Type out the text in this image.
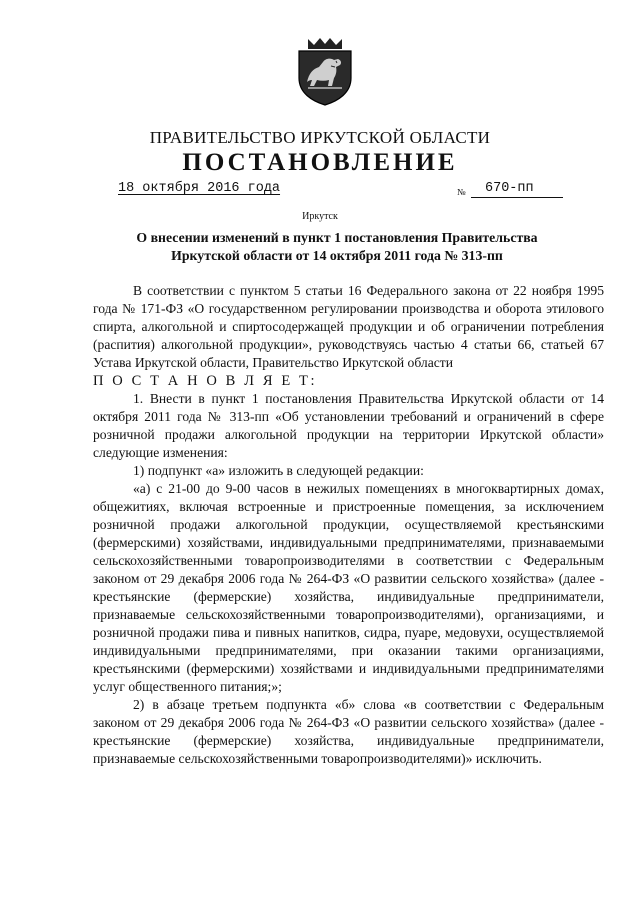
ПРАВИТЕЛЬСТВО ИРКУТСКОЙ ОБЛАСТИ
ПОСТАНОВЛЕНИЕ
18 октября 2016 года	№	670-пп
Иркутск
О внесении изменений в пункт 1 постановления Правительства Иркутской области от 14 октября 2011 года № 313-пп

В соответствии с пунктом 5 статьи 16 Федерального закона от 22 ноября 1995 года № 171-ФЗ «О государственном регулировании производства и оборота этилового спирта, алкогольной и спиртосодержащей продукции и об ограничении потребления (распития) алкогольной продукции», руководствуясь частью 4 статьи 66, статьей 67 Устава Иркутской области, Правительство Иркутской области

П О С Т А Н О В Л Я Е Т:

1. Внести в пункт 1 постановления Правительства Иркутской области от 14 октября 2011 года № 313-пп «Об установлении требований и ограничений в сфере розничной продажи алкогольной продукции на территории Иркутской области» следующие изменения:

1) подпункт «а» изложить в следующей редакции:

«а) с 21-00 до 9-00 часов в нежилых помещениях в многоквартирных домах, общежитиях, включая встроенные и пристроенные помещения, за исключением розничной продажи алкогольной продукции, осуществляемой крестьянскими (фермерскими) хозяйствами, индивидуальными предпринимателями, признаваемыми сельскохозяйственными товаропроизводителями в соответствии с Федеральным законом от 29 декабря 2006 года № 264-ФЗ «О развитии сельского хозяйства» (далее - крестьянские (фермерские) хозяйства, индивидуальные предприниматели, признаваемые сельскохозяйственными товаропроизводителями), организациями, и розничной продажи пива и пивных напитков, сидра, пуаре, медовухи, осуществляемой индивидуальными предпринимателями, при оказании такими организациями, крестьянскими (фермерскими) хозяйствами и индивидуальными предпринимателями услуг общественного питания;»;

2) в абзаце третьем подпункта «б» слова «в соответствии с Федеральным законом от 29 декабря 2006 года № 264-ФЗ «О развитии сельского хозяйства» (далее - крестьянские (фермерские) хозяйства, индивидуальные предприниматели, признаваемые сельскохозяйственными товаропроизводителями)» исключить.
